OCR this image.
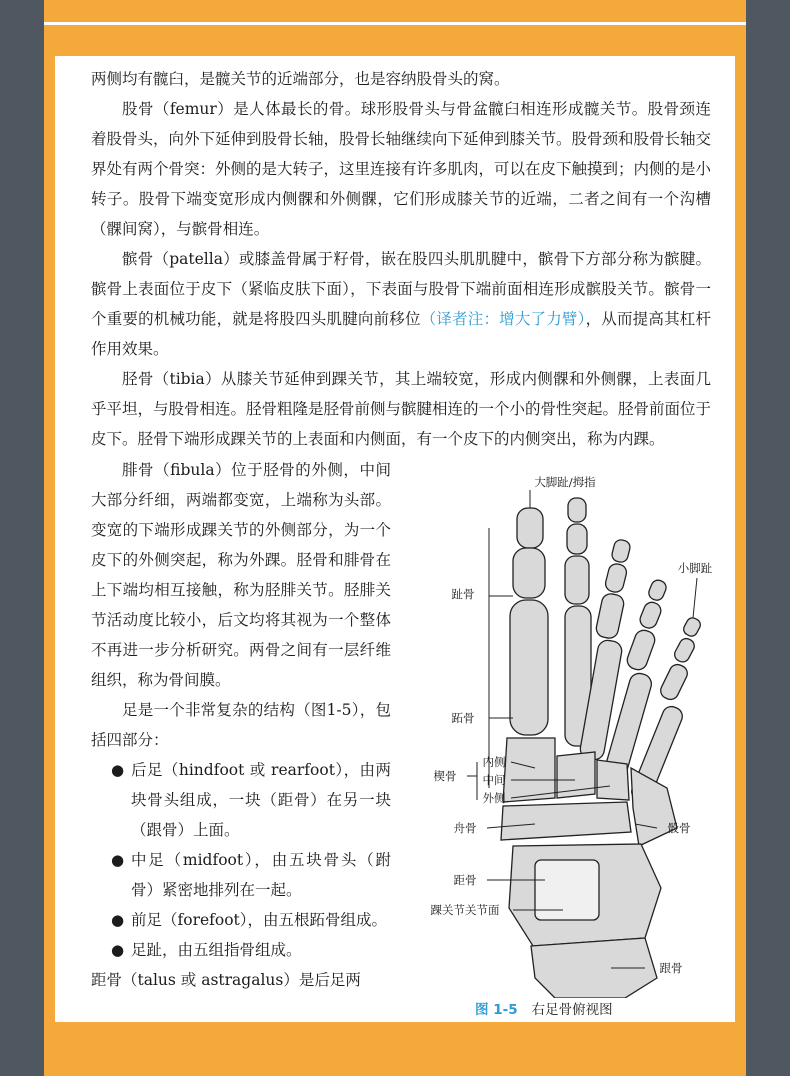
两侧均有髋臼，是髋关节的近端部分，也是容纳股骨头的窝。

股骨（femur）是人体最长的骨。球形股骨头与骨盆髋臼相连形成髋关节。股骨颈连着股骨头，向外下延伸到股骨长轴，股骨长轴继续向下延伸到膝关节。股骨颈和股骨长轴交界处有两个骨突：外侧的是大转子，这里连接有许多肌肉，可以在皮下触摸到；内侧的是小转子。股骨下端变宽形成内侧髁和外侧髁，它们形成膝关节的近端，二者之间有一个沟槽（髁间窝），与髌骨相连。

髌骨（patella）或膝盖骨属于籽骨，嵌在股四头肌肌腱中，髌骨下方部分称为髌腱。髌骨上表面位于皮下（紧临皮肤下面），下表面与股骨下端前面相连形成髌股关节。髌骨一个重要的机械功能，就是将股四头肌腱向前移位（译者注：增大了力臂），从而提高其杠杆作用效果。

胫骨（tibia）从膝关节延伸到踝关节，其上端较宽，形成内侧髁和外侧髁，上表面几乎平坦，与股骨相连。胫骨粗隆是胫骨前侧与髌腱相连的一个小的骨性突起。胫骨前面位于皮下。胫骨下端形成踝关节的上表面和内侧面，有一个皮下的内侧突出，称为内踝。

腓骨（fibula）位于胫骨的外侧，中间大部分纤细，两端都变宽，上端称为头部。变宽的下端形成踝关节的外侧部分，为一个皮下的外侧突起，称为外踝。胫骨和腓骨在上下端均相互接触，称为胫腓关节。胫腓关节活动度比较小，后文均将其视为一个整体不再进一步分析研究。两骨之间有一层纤维组织，称为骨间膜。

足是一个非常复杂的结构（图1-5），包括四部分：

● 后足（hindfoot 或 rearfoot），由两块骨头组成，一块（距骨）在另一块（跟骨）上面。
● 中足（midfoot），由五块骨头（跗骨）紧密地排列在一起。
● 前足（forefoot），由五根跖骨组成。
● 足趾，由五组指骨组成。

距骨（talus 或 astragalus）是后足两

大脚趾/拇指
小脚趾
趾骨
跖骨
楔骨
内侧
中间
外侧
舟骨	骰骨
距骨
踝关节关节面
跟骨
图 1-5 右足骨俯视图
